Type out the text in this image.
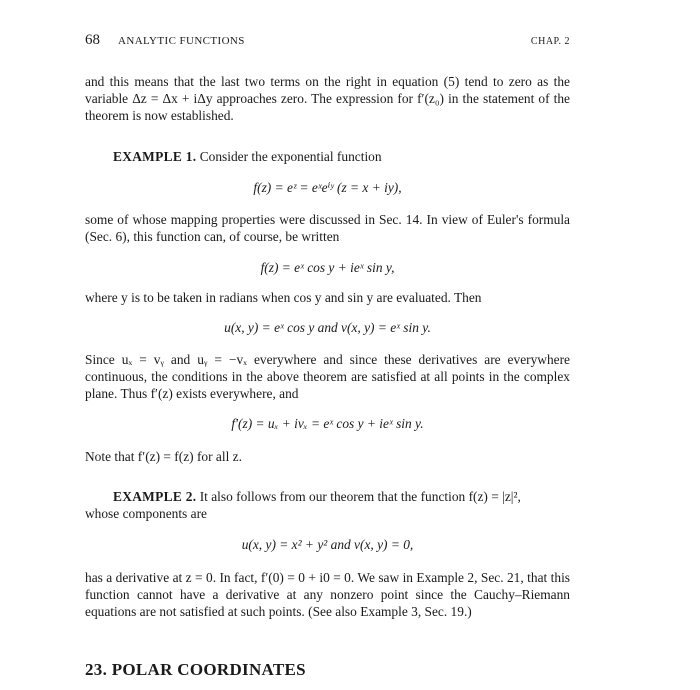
68 ANALYTIC FUNCTIONS	CHAP. 2
and this means that the last two terms on the right in equation (5) tend to zero as the variable Δz = Δx + iΔy approaches zero. The expression for f′(z₀) in the statement of the theorem is now established.
EXAMPLE 1. Consider the exponential function
f(z) = eᶻ = eˣeⁱʸ (z = x + iy),
some of whose mapping properties were discussed in Sec. 14. In view of Euler's formula (Sec. 6), this function can, of course, be written
f(z) = eˣ cos y + ieˣ sin y,
where y is to be taken in radians when cos y and sin y are evaluated. Then
u(x, y) = eˣ cos y and v(x, y) = eˣ sin y.
Since uₓ = vᵧ and uᵧ = −vₓ everywhere and since these derivatives are everywhere continuous, the conditions in the above theorem are satisfied at all points in the complex plane. Thus f′(z) exists everywhere, and
f′(z) = uₓ + ivₓ = eˣ cos y + ieˣ sin y.
Note that f′(z) = f(z) for all z.
EXAMPLE 2. It also follows from our theorem that the function f(z) = |z|²,
whose components are
u(x, y) = x² + y² and v(x, y) = 0,
has a derivative at z = 0. In fact, f′(0) = 0 + i0 = 0. We saw in Example 2, Sec. 21, that this function cannot have a derivative at any nonzero point since the Cauchy–Riemann equations are not satisfied at such points. (See also Example 3, Sec. 19.)
23. POLAR COORDINATES
